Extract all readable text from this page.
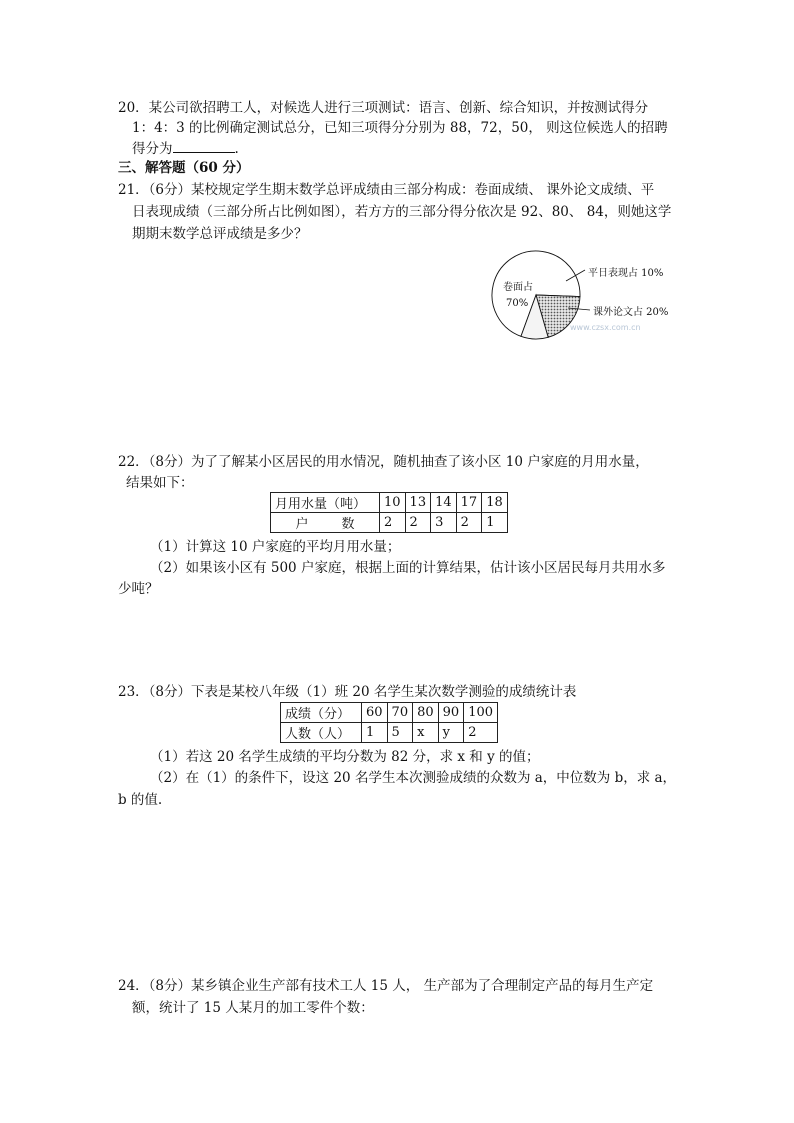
20．某公司欲招聘工人，对候选人进行三项测试：语言、创新、综合知识，并按测试得分
1：4：3 的比例确定测试总分，已知三项得分分别为 88，72，50， 则这位候选人的招聘
得分为	.
三、解答题（60 分）
21．（6分）某校规定学生期末数学总评成绩由三部分构成：卷面成绩、 课外论文成绩、平
日表现成绩（三部分所占比例如图），若方方的三部分得分依次是 92、80、 84，则她这学
期期末数学总评成绩是多少？
卷面占
70%
平日表现占 10%
课外论文占 20%
www.czsx.com.cn
22．（8分）为了了解某小区居民的用水情况，随机抽查了该小区 10 户家庭的月用水量，
结果如下：
月用水量（吨）	10	13	14	17	18
户        数	2	2	3	2	1
（1）计算这 10 户家庭的平均月用水量；
（2）如果该小区有 500 户家庭，根据上面的计算结果，估计该小区居民每月共用水多
少吨？
23．（8分）下表是某校八年级（1）班 20 名学生某次数学测验的成绩统计表
成绩（分）	60	70	80	90	100
人数（人）	1	5	x	y	2
（1）若这 20 名学生成绩的平均分数为 82 分，求 x 和 y 的值；
（2）在（1）的条件下，设这 20 名学生本次测验成绩的众数为 a，中位数为 b，求 a，
b 的值.
24．（8分）某乡镇企业生产部有技术工人 15 人， 生产部为了合理制定产品的每月生产定
额，统计了 15 人某月的加工零件个数：
